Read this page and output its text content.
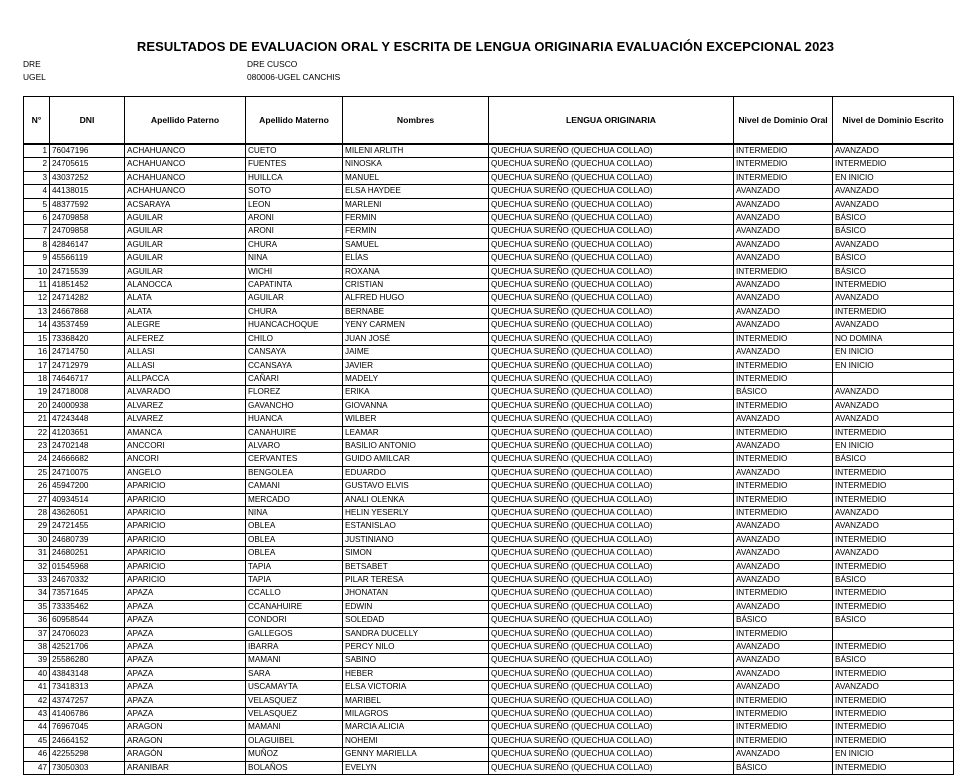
RESULTADOS DE EVALUACION ORAL Y ESCRITA DE LENGUA ORIGINARIA EVALUACIÓN EXCEPCIONAL 2023
DRE	DRE CUSCO
UGEL	080006-UGEL CANCHIS
N°	DNI	Apellido Paterno	Apellido Materno	Nombres	LENGUA ORIGINARIA	Nivel de Dominio Oral	Nivel de Dominio Escrito
1	76047196	ACHAHUANCO	CUETO	MILENI ARLITH	QUECHUA SUREÑO (QUECHUA COLLAO)	INTERMEDIO	AVANZADO
2	24705615	ACHAHUANCO	FUENTES	NINOSKA	QUECHUA SUREÑO (QUECHUA COLLAO)	INTERMEDIO	INTERMEDIO
3	43037252	ACHAHUANCO	HUILLCA	MANUEL	QUECHUA SUREÑO (QUECHUA COLLAO)	INTERMEDIO	EN INICIO
4	44138015	ACHAHUANCO	SOTO	ELSA HAYDEE	QUECHUA SUREÑO (QUECHUA COLLAO)	AVANZADO	AVANZADO
5	48377592	ACSARAYA	LEON	MARLENI	QUECHUA SUREÑO (QUECHUA COLLAO)	AVANZADO	AVANZADO
6	24709858	AGUILAR	ARONI	FERMIN	QUECHUA SUREÑO (QUECHUA COLLAO)	AVANZADO	BÁSICO
7	24709858	AGUILAR	ARONI	FERMIN	QUECHUA SUREÑO (QUECHUA COLLAO)	AVANZADO	BÁSICO
8	42846147	AGUILAR	CHURA	SAMUEL	QUECHUA SUREÑO (QUECHUA COLLAO)	AVANZADO	AVANZADO
9	45566119	AGUILAR	NINA	ELÍAS	QUECHUA SUREÑO (QUECHUA COLLAO)	AVANZADO	BÁSICO
10	24715539	AGUILAR	WICHI	ROXANA	QUECHUA SUREÑO (QUECHUA COLLAO)	INTERMEDIO	BÁSICO
11	41851452	ALANOCCA	CAPATINTA	CRISTIAN	QUECHUA SUREÑO (QUECHUA COLLAO)	AVANZADO	INTERMEDIO
12	24714282	ALATA	AGUILAR	ALFRED HUGO	QUECHUA SUREÑO (QUECHUA COLLAO)	AVANZADO	AVANZADO
13	24667868	ALATA	CHURA	BERNABE	QUECHUA SUREÑO (QUECHUA COLLAO)	AVANZADO	INTERMEDIO
14	43537459	ALEGRE	HUANCACHOQUE	YENY CARMEN	QUECHUA SUREÑO (QUECHUA COLLAO)	AVANZADO	AVANZADO
15	73368420	ALFEREZ	CHILO	JUAN JOSÉ	QUECHUA SUREÑO (QUECHUA COLLAO)	INTERMEDIO	NO DOMINA
16	24714750	ALLASI	CANSAYA	JAIME	QUECHUA SUREÑO (QUECHUA COLLAO)	AVANZADO	EN INICIO
17	24712979	ALLASI	CCANSAYA	JAVIER	QUECHUA SUREÑO (QUECHUA COLLAO)	INTERMEDIO	EN INICIO
18	74646717	ALLPACCA	CAÑARI	MADELY	QUECHUA SUREÑO (QUECHUA COLLAO)	INTERMEDIO	
19	24718008	ALVARADO	FLOREZ	ERIKA	QUECHUA SUREÑO (QUECHUA COLLAO)	BÁSICO	AVANZADO
20	24000938	ALVAREZ	GAVANCHO	GIOVANNA	QUECHUA SUREÑO (QUECHUA COLLAO)	INTERMEDIO	AVANZADO
21	47243448	ALVAREZ	HUANCA	WILBER	QUECHUA SUREÑO (QUECHUA COLLAO)	AVANZADO	AVANZADO
22	41203651	AMANCA	CANAHUIRE	LEAMAR	QUECHUA SUREÑO (QUECHUA COLLAO)	INTERMEDIO	INTERMEDIO
23	24702148	ANCCORI	ALVARO	BASILIO ANTONIO	QUECHUA SUREÑO (QUECHUA COLLAO)	AVANZADO	EN INICIO
24	24666682	ANCORI	CERVANTES	GUIDO AMILCAR	QUECHUA SUREÑO (QUECHUA COLLAO)	INTERMEDIO	BÁSICO
25	24710075	ANGELO	BENGOLEA	EDUARDO	QUECHUA SUREÑO (QUECHUA COLLAO)	AVANZADO	INTERMEDIO
26	45947200	APARICIO	CAMANI	GUSTAVO ELVIS	QUECHUA SUREÑO (QUECHUA COLLAO)	INTERMEDIO	INTERMEDIO
27	40934514	APARICIO	MERCADO	ANALI OLENKA	QUECHUA SUREÑO (QUECHUA COLLAO)	INTERMEDIO	INTERMEDIO
28	43626051	APARICIO	NINA	HELIN YESERLY	QUECHUA SUREÑO (QUECHUA COLLAO)	INTERMEDIO	AVANZADO
29	24721455	APARICIO	OBLEA	ESTANISLAO	QUECHUA SUREÑO (QUECHUA COLLAO)	AVANZADO	AVANZADO
30	24680739	APARICIO	OBLEA	JUSTINIANO	QUECHUA SUREÑO (QUECHUA COLLAO)	AVANZADO	INTERMEDIO
31	24680251	APARICIO	OBLEA	SIMON	QUECHUA SUREÑO (QUECHUA COLLAO)	AVANZADO	AVANZADO
32	01545968	APARICIO	TAPIA	BETSABET	QUECHUA SUREÑO (QUECHUA COLLAO)	AVANZADO	INTERMEDIO
33	24670332	APARICIO	TAPIA	PILAR TERESA	QUECHUA SUREÑO (QUECHUA COLLAO)	AVANZADO	BÁSICO
34	73571645	APAZA	CCALLO	JHONATAN	QUECHUA SUREÑO (QUECHUA COLLAO)	INTERMEDIO	INTERMEDIO
35	73335462	APAZA	CCANAHUIRE	EDWIN	QUECHUA SUREÑO (QUECHUA COLLAO)	AVANZADO	INTERMEDIO
36	60958544	APAZA	CONDORI	SOLEDAD	QUECHUA SUREÑO (QUECHUA COLLAO)	BÁSICO	BÁSICO
37	24706023	APAZA	GALLEGOS	SANDRA DUCELLY	QUECHUA SUREÑO (QUECHUA COLLAO)	INTERMEDIO	
38	42521706	APAZA	IBARRA	PERCY NILO	QUECHUA SUREÑO (QUECHUA COLLAO)	AVANZADO	INTERMEDIO
39	25586280	APAZA	MAMANI	SABINO	QUECHUA SUREÑO (QUECHUA COLLAO)	AVANZADO	BÁSICO
40	43843148	APAZA	SARA	HEBER	QUECHUA SUREÑO (QUECHUA COLLAO)	AVANZADO	INTERMEDIO
41	73418313	APAZA	USCAMAYTA	ELSA VICTORIA	QUECHUA SUREÑO (QUECHUA COLLAO)	AVANZADO	AVANZADO
42	43747257	APAZA	VELASQUEZ	MARIBEL	QUECHUA SUREÑO (QUECHUA COLLAO)	INTERMEDIO	INTERMEDIO
43	41406786	APAZA	VELASQUEZ	MILAGROS	QUECHUA SUREÑO (QUECHUA COLLAO)	INTERMEDIO	INTERMEDIO
44	76967045	ARAGON	MAMANI	MARCIA ALICIA	QUECHUA SUREÑO (QUECHUA COLLAO)	INTERMEDIO	INTERMEDIO
45	24664152	ARAGON	OLAGUIBEL	NOHEMI	QUECHUA SUREÑO (QUECHUA COLLAO)	INTERMEDIO	INTERMEDIO
46	42255298	ARAGÓN	MUÑOZ	GENNY MARIELLA	QUECHUA SUREÑO (QUECHUA COLLAO)	AVANZADO	EN INICIO
47	73050303	ARANIBAR	BOLAÑOS	EVELYN	QUECHUA SUREÑO (QUECHUA COLLAO)	BÁSICO	INTERMEDIO
